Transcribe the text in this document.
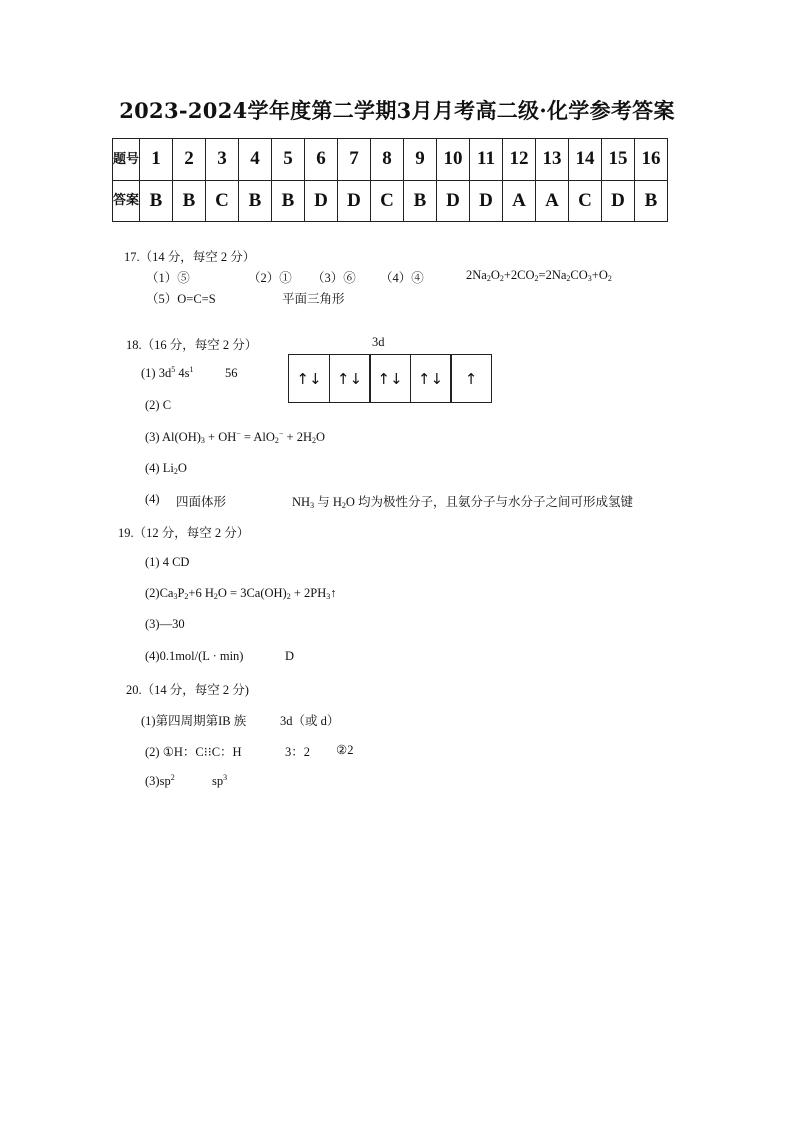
2023-2024学年度第二学期3月月考高二级·化学参考答案
题号	1	2	3	4	5	6	7	8	9	10	11	12	13	14	15	16
答案	B	B	C	B	B	D	D	C	B	D	D	A	A	C	D	B
17.（14 分，每空 2 分）
（1）⑤	（2）① （3）⑥ （4）④	$2Na_2O_2+2CO_2=2Na_2CO_3+O_2$
（5）O=C=S	平面三角形
18.（16 分，每空 2 分）	3d
(1) $3d^5$ $4s^1$	56	↑↓	↑↓	↑↓	↑↓	↑
(2) C
(3) $Al(OH)_3 + OH^- = AlO_2^- + 2H_2O$
(4) $Li_2O$
(4) 四面体形	$NH_3$ 与 $H_2O$ 均为极性分子，且氨分子与水分子之间可形成氢键
19.（12 分，每空 2 分）
(1) 4 CD
$(2)Ca_3P_2+6$ $H_2O = 3Ca(OH)_2$ + $2PH_3↑$
(3)—30
(4)0.1mol/(L · min)	D
20.（14 分，每空 2 分)
(1)第四周期第IB 族	3d（或 d）
(2) ①H：C⁝⁝C：H	3：2 ②2
$(3)sp^2$	$sp^3$
